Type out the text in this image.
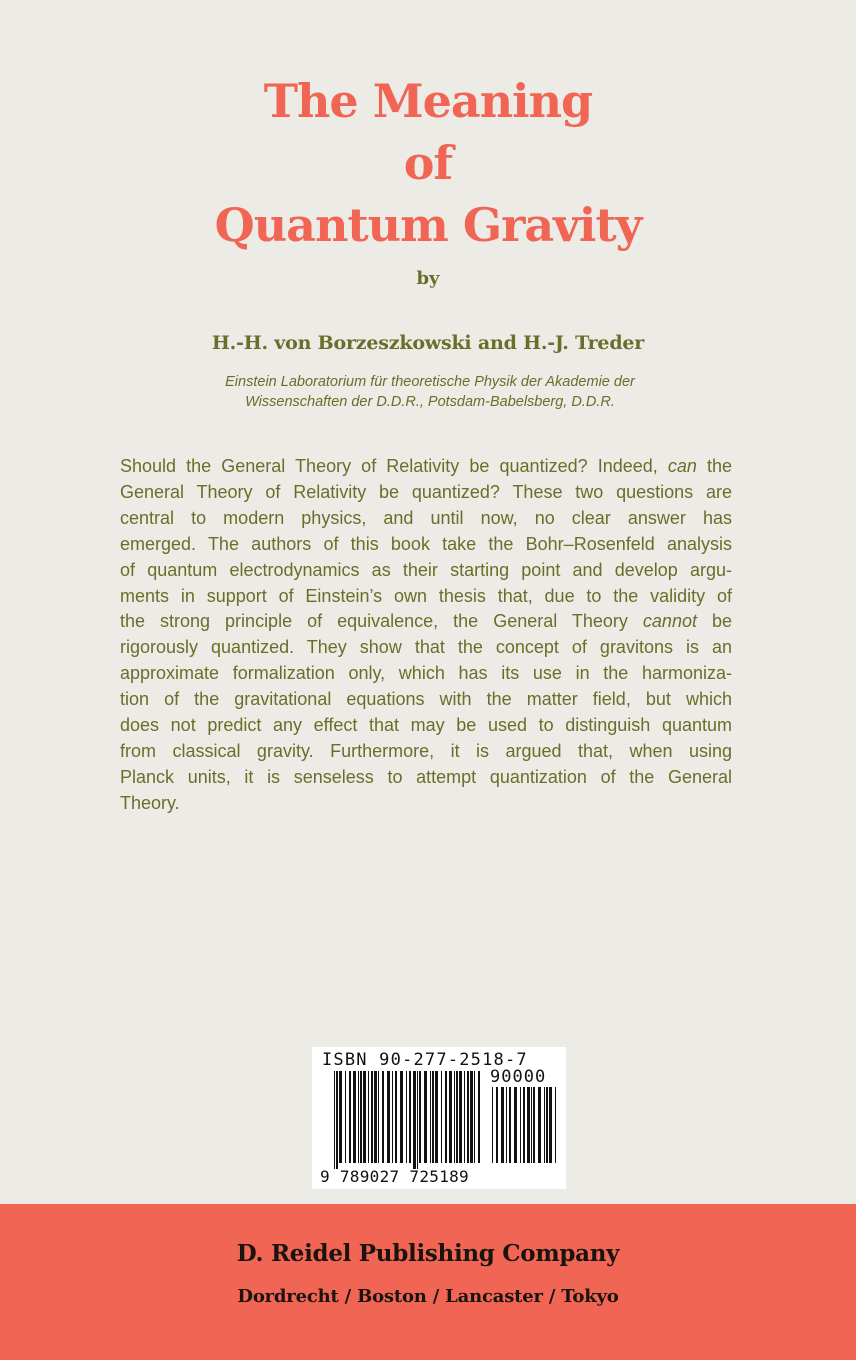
The Meaning
of
Quantum Gravity
by
H.-H. von Borzeszkowski and H.-J. Treder
Einstein Laboratorium für theoretische Physik der Akademie der
Wissenschaften der D.D.R., Potsdam-Babelsberg, D.D.R.
Should the General Theory of Relativity be quantized? Indeed, can the
General Theory of Relativity be quantized? These two questions are
central to modern physics, and until now, no clear answer has
emerged. The authors of this book take the Bohr–Rosenfeld analysis
of quantum electrodynamics as their starting point and develop argu-
ments in support of Einstein’s own thesis that, due to the validity of
the strong principle of equivalence, the General Theory cannot be
rigorously quantized. They show that the concept of gravitons is an
approximate formalization only, which has its use in the harmoniza-
tion of the gravitational equations with the matter field, but which
does not predict any effect that may be used to distinguish quantum
from classical gravity. Furthermore, it is argued that, when using
Planck units, it is senseless to attempt quantization of the General
Theory.
ISBN 90-277-2518-7
90000
9 789027 725189
D. Reidel Publishing Company
Dordrecht / Boston / Lancaster / Tokyo
